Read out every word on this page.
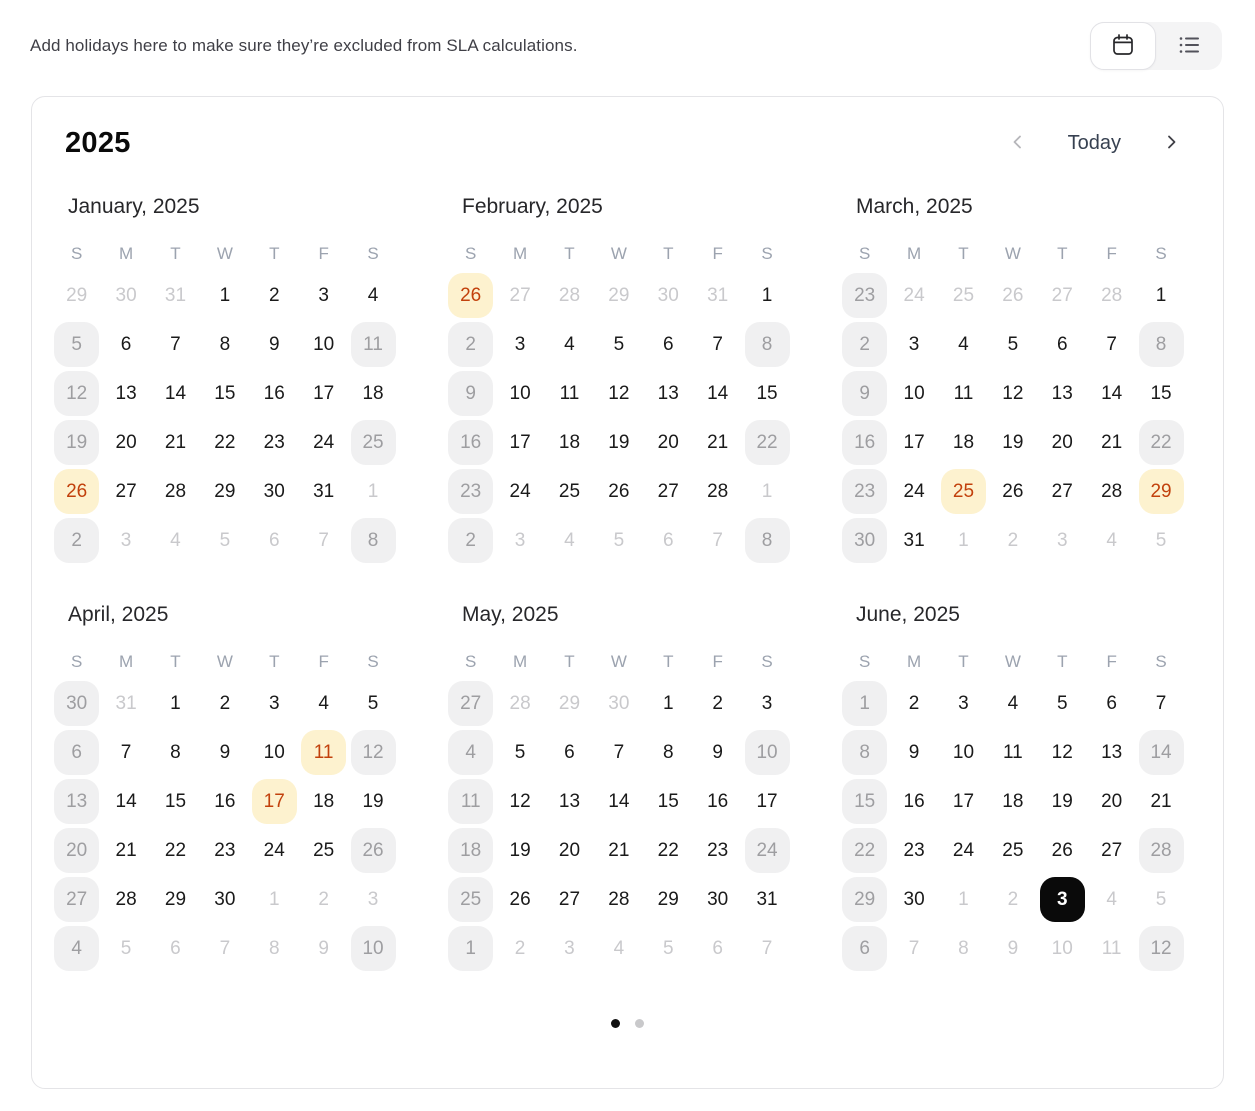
Add holidays here to make sure they’re excluded from SLA calculations.
2025	Today
January, 2025
S	M	T	W	T	F	S
29	30	31	1	2	3	4
5	6	7	8	9	10	11
12	13	14	15	16	17	18
19	20	21	22	23	24	25
26	27	28	29	30	31	1
2	3	4	5	6	7	8
February, 2025
S	M	T	W	T	F	S
26	27	28	29	30	31	1
2	3	4	5	6	7	8
9	10	11	12	13	14	15
16	17	18	19	20	21	22
23	24	25	26	27	28	1
2	3	4	5	6	7	8
March, 2025
S	M	T	W	T	F	S
23	24	25	26	27	28	1
2	3	4	5	6	7	8
9	10	11	12	13	14	15
16	17	18	19	20	21	22
23	24	25	26	27	28	29
30	31	1	2	3	4	5
April, 2025
S	M	T	W	T	F	S
30	31	1	2	3	4	5
6	7	8	9	10	11	12
13	14	15	16	17	18	19
20	21	22	23	24	25	26
27	28	29	30	1	2	3
4	5	6	7	8	9	10
May, 2025
S	M	T	W	T	F	S
27	28	29	30	1	2	3
4	5	6	7	8	9	10
11	12	13	14	15	16	17
18	19	20	21	22	23	24
25	26	27	28	29	30	31
1	2	3	4	5	6	7
June, 2025
S	M	T	W	T	F	S
1	2	3	4	5	6	7
8	9	10	11	12	13	14
15	16	17	18	19	20	21
22	23	24	25	26	27	28
29	30	1	2	3	4	5
6	7	8	9	10	11	12
